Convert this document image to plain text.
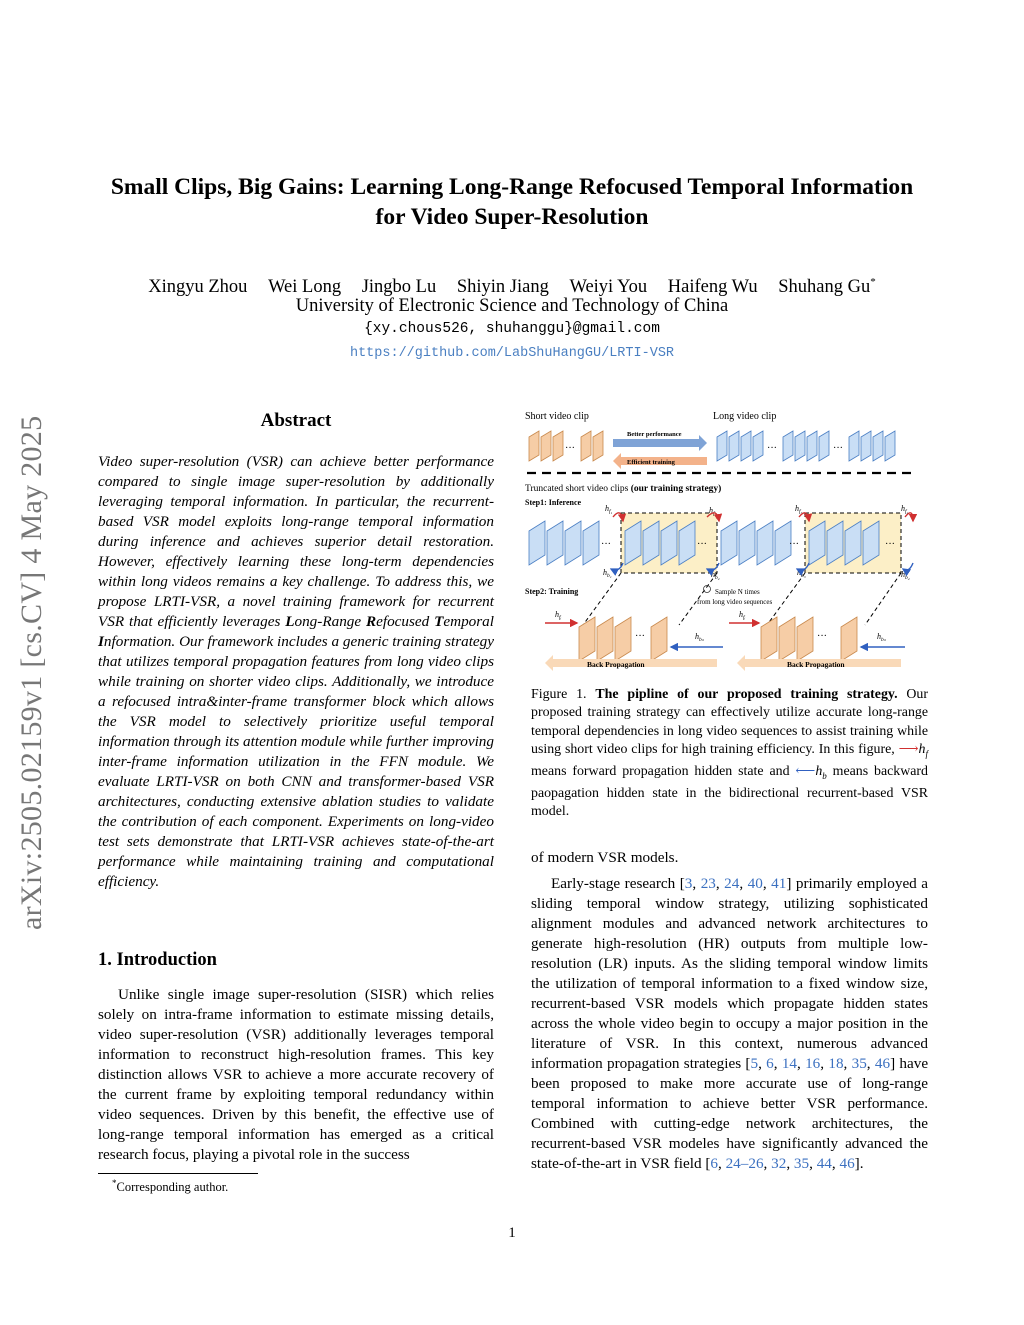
arXiv:2505.02159v1 [cs.CV] 4 May 2025
Small Clips, Big Gains: Learning Long-Range Refocused Temporal Information
for Video Super-Resolution
Xingyu Zhou Wei Long Jingbo Lu Shiyin Jiang Weiyi You Haifeng Wu Shuhang Gu*
University of Electronic Science and Technology of China
{xy.chous526, shuhanggu}@gmail.com
https://github.com/LabShuHangGU/LRTI-VSR
Abstract

Video super-resolution (VSR) can achieve better performance compared to single image super-resolution by additionally leveraging temporal information. In particular, the recurrent-based VSR model exploits long-range temporal information during inference and achieves superior detail restoration. However, effectively learning these long-term dependencies within long videos remains a key challenge. To address this, we propose LRTI-VSR, a novel training framework for recurrent VSR that efficiently leverages Long-Range Refocused Temporal Information. Our framework includes a generic training strategy that utilizes temporal propagation features from long video clips while training on shorter video clips. Additionally, we introduce a refocused intra&inter-frame transformer block which allows the VSR model to selectively prioritize useful temporal information through its attention module while further improving inter-frame information utilization in the FFN module. We evaluate LRTI-VSR on both CNN and transformer-based VSR architectures, conducting extensive ablation studies to validate the contribution of each component. Experiments on long-video test sets demonstrate that LRTI-VSR achieves state-of-the-art performance while maintaining training and computational efficiency.

1. Introduction

Unlike single image super-resolution (SISR) which relies solely on intra-frame information to estimate missing details, video super-resolution (VSR) additionally leverages temporal information to reconstruct high-resolution frames. This key distinction allows VSR to achieve a more accurate recovery of the current frame by exploiting temporal redundancy within video sequences. Driven by this benefit, the effective use of long-range temporal information has emerged as a critical research focus, playing a pivotal role in the success

*Corresponding author.
Short video clip	Long video clip
···
Better performance
Efficient training
···	···
Truncated short video clips (our training strategy)
Step1: Inference
···	···	···	···
$h_{f_1}$	$h_{f_2}$
$h_{f_3}$	$h_{f_4}$
$h_{b_1}$	$h_{b_2}$
$h_{b_3}$	$h_{b_4}$
Step2: Training	Sample N times
from long video sequences
···	···
$h_{fᵢ}$
$h_{b_n}$
$h_{fᵢ}$
$h_{b_n}$
Back Propagation	Back Propagation

Figure 1. The pipline of our proposed training strategy. Our proposed training strategy can effectively utilize accurate long-range temporal dependencies in long video sequences to assist training while using short video clips for high training efficiency. In this figure, $⟶h_f$ means forward propagation hidden state and $⟵h_b$ means backward paopagation hidden state in the bidirectional recurrent-based VSR model.

of modern VSR models.

Early-stage research [3, 23, 24, 40, 41] primarily employed a sliding temporal window strategy, utilizing sophisticated alignment modules and advanced network architectures to generate high-resolution (HR) outputs from multiple low-resolution (LR) inputs. As the sliding temporal window limits the utilization of temporal information to a fixed window size, recurrent-based VSR models which propagate hidden states across the whole video begin to occupy a major position in the literature of VSR. In this context, numerous advanced information propagation strategies [5, 6, 14, 16, 18, 35, 46] have been proposed to make more accurate use of long-range temporal information to achieve better VSR performance. Combined with cutting-edge network architectures, the recurrent-based VSR modeles have significantly advanced the state-of-the-art in VSR field [6, 24–26, 32, 35, 44, 46].

1
